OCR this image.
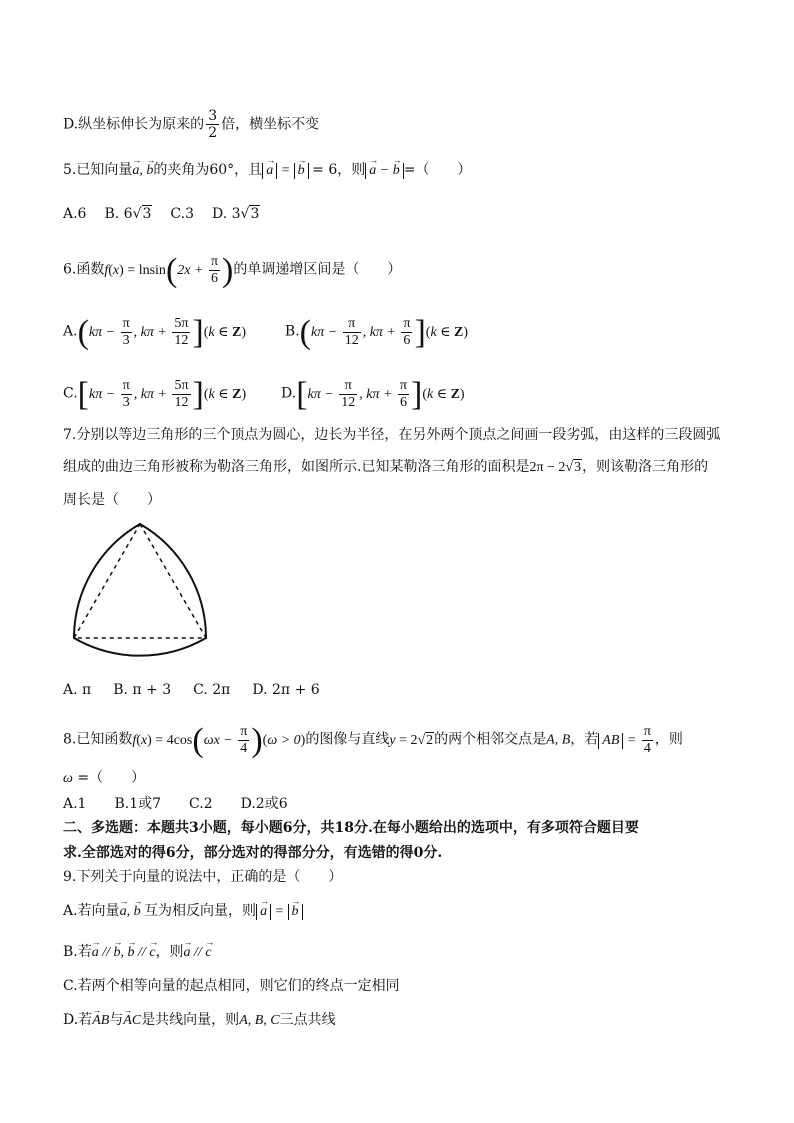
D.纵坐标伸长为原来的 $\frac{3}{2}$ 倍，横坐标不变
5.已知向量→ a, → b的夹角为60°，且 → a = → b = 6，则 → a − → b =（　　）
A.6 B. 6√3 C.3 D. 3√3
6.函数$f(x) = lnsin(2x + \frac{\pi}{6}$ )的单调递增区间是（　　）
$A.(k\pi - \frac{\pi}{3}$ , $k\pi + \frac{5\pi}{12} ](k$ ∈ Z)	$B.(k\pi - \frac{\pi}{12}$ , $k\pi + \frac{\pi}{6} ](k$ ∈ Z)
$C.[k\pi - \frac{\pi}{3}$ , $k\pi + \frac{5\pi}{12} ](k$ ∈ Z) $D.[k\pi - \frac{\pi}{12}$ , $k\pi + \frac{\pi}{6} ](k$ ∈ Z)
7.分别以等边三角形的三个顶点为圆心，边长为半径，在另外两个顶点之间画一段劣弧，由这样的三段圆弧
组成的曲边三角形被称为勒洛三角形，如图所示.已知某勒洛三角形的面积是2π − 2√3，则该勒洛三角形的
周长是（　　）
A. π B. π + 3 C. 2π D. 2π + 6
8.已知函数$f(x) = 4\cos(\omega x - \frac{\pi}{4} )(\omega > 0)$的图像与直线y = 2√2的两个相邻交点是A, B，若 AB = $\frac{\pi}{4}$ ，则
ω =（　　）
A.1 B.1或7 C.2 D.2或6
二、多选题：本题共3小题，每小题6分，共18分.在每小题给出的选项中，有多项符合题目要
求.全部选对的得6分，部分选对的得部分分，有选错的得0分.
9.下列关于向量的说法中，正确的是（　　）
A.若向量→ a, → b 互为相反向量，则 → a = → b
B.若→ a // → b, → b // → c，则→ a // → c
C.若两个相等向量的起点相同，则它们的终点一定相同
D.若→ AB与→ AC是共线向量，则A, B, C三点共线
